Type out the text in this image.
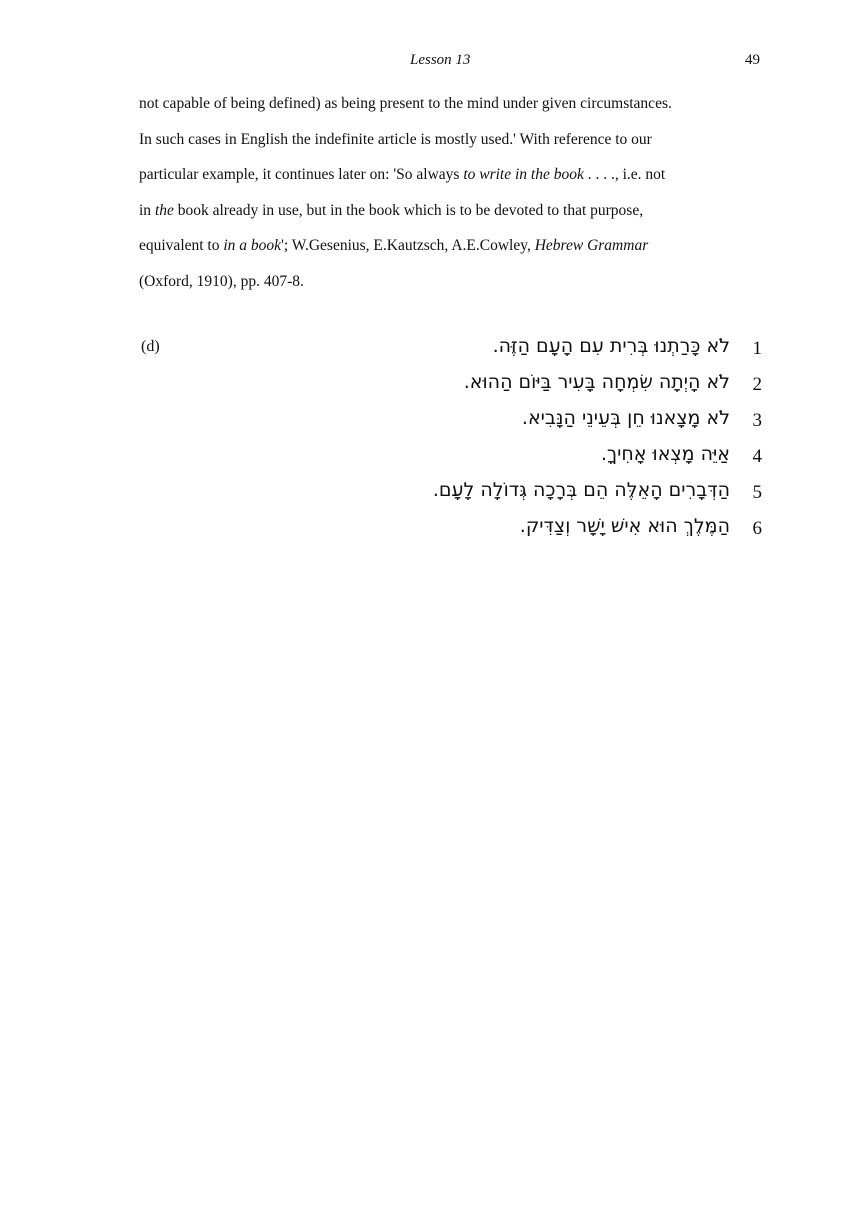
Lesson 13	49
not capable of being defined) as being present to the mind under given circumstances.
In such cases in English the indefinite article is mostly used.' With reference to our
particular example, it continues later on: 'So always to write in the book . . . ., i.e. not
in the book already in use, but in the book which is to be devoted to that purpose,
equivalent to in a book'; W.Gesenius, E.Kautzsch, A.E.Cowley, Hebrew Grammar
(Oxford, 1910), pp. 407-8.
(d)	לֹא כָּרַתְנוּ בְּרִית עִם הָעָם הַזֶּה. 1
לֹא הָיְתָה שִׂמְחָה בָּעִיר בַּיּוֹם הַהוּא. 2
לֹא מָצָאנוּ חֵן בְּעֵינֵי הַנָּבִיא. 3
אַיֵּה מָצְאוּ אָחִיךָ. 4
הַדְּבָרִים הָאֵלֶּה הֵם בְּרָכָה גְּדוֹלָה לָעָם. 5
הַמֶּלֶךְ הוּא אִישׁ יָשָׁר וְצַדִּיק. 6
